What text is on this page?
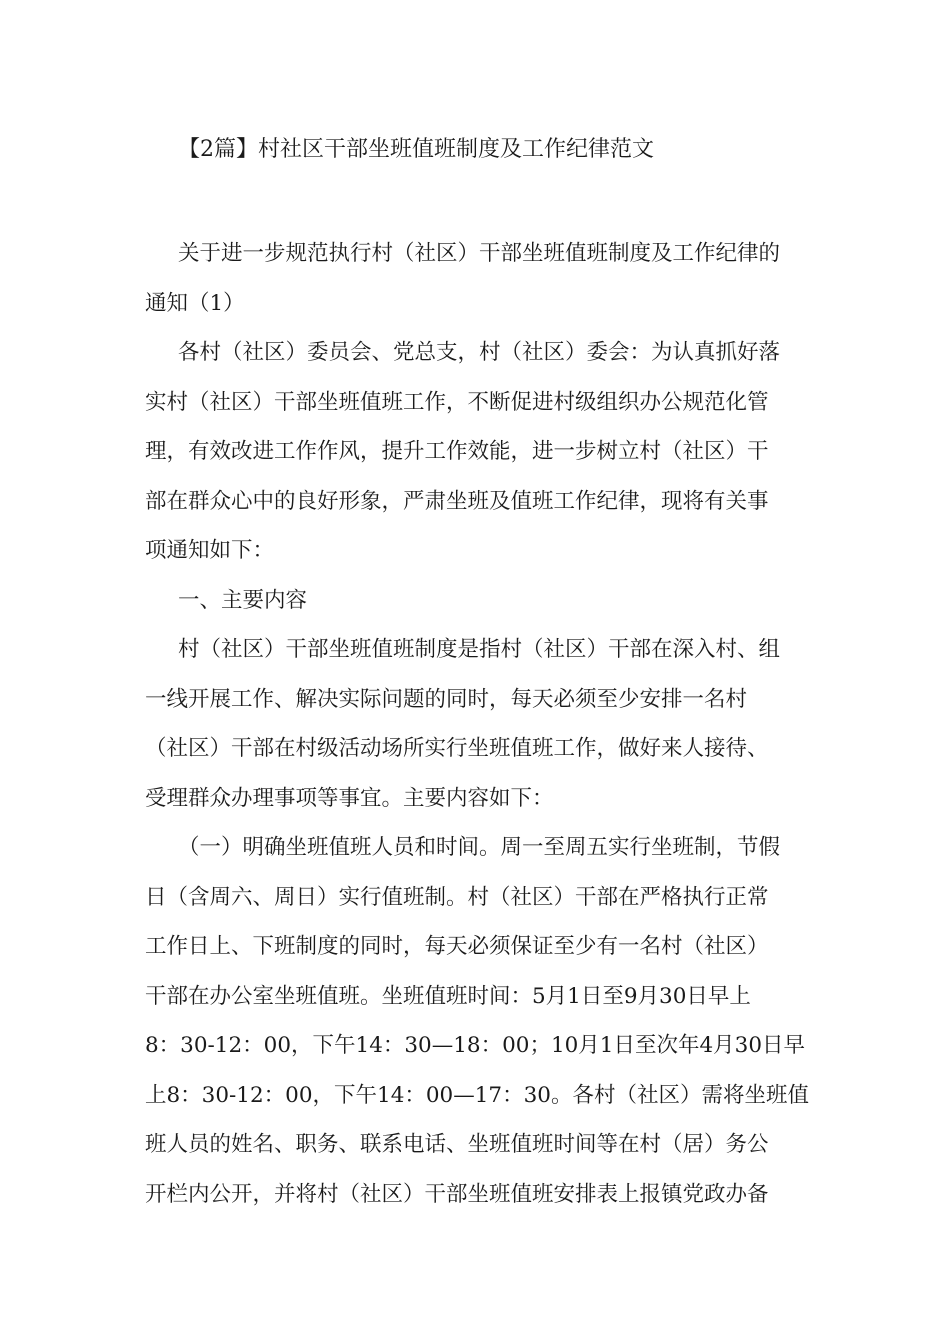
【2篇】村社区干部坐班值班制度及工作纪律范文

关于进一步规范执行村（社区）干部坐班值班制度及工作纪律的
通知（1）

各村（社区）委员会、党总支，村（社区）委会：为认真抓好落
实村（社区）干部坐班值班工作，不断促进村级组织办公规范化管
理，有效改进工作作风，提升工作效能，进一步树立村（社区）干
部在群众心中的良好形象，严肃坐班及值班工作纪律，现将有关事
项通知如下：

一、主要内容

村（社区）干部坐班值班制度是指村（社区）干部在深入村、组
一线开展工作、解决实际问题的同时，每天必须至少安排一名村
（社区）干部在村级活动场所实行坐班值班工作，做好来人接待、
受理群众办理事项等事宜。主要内容如下：

（一）明确坐班值班人员和时间。周一至周五实行坐班制，节假
日（含周六、周日）实行值班制。村（社区）干部在严格执行正常
工作日上、下班制度的同时，每天必须保证至少有一名村（社区）
干部在办公室坐班值班。坐班值班时间：5月1日至9月30日早上
8：30-12：00，下午14：30—18：00；10月1日至次年4月30日早
上8：30-12：00，下午14：00—17：30。各村（社区）需将坐班值
班人员的姓名、职务、联系电话、坐班值班时间等在村（居）务公
开栏内公开，并将村（社区）干部坐班值班安排表上报镇党政办备
